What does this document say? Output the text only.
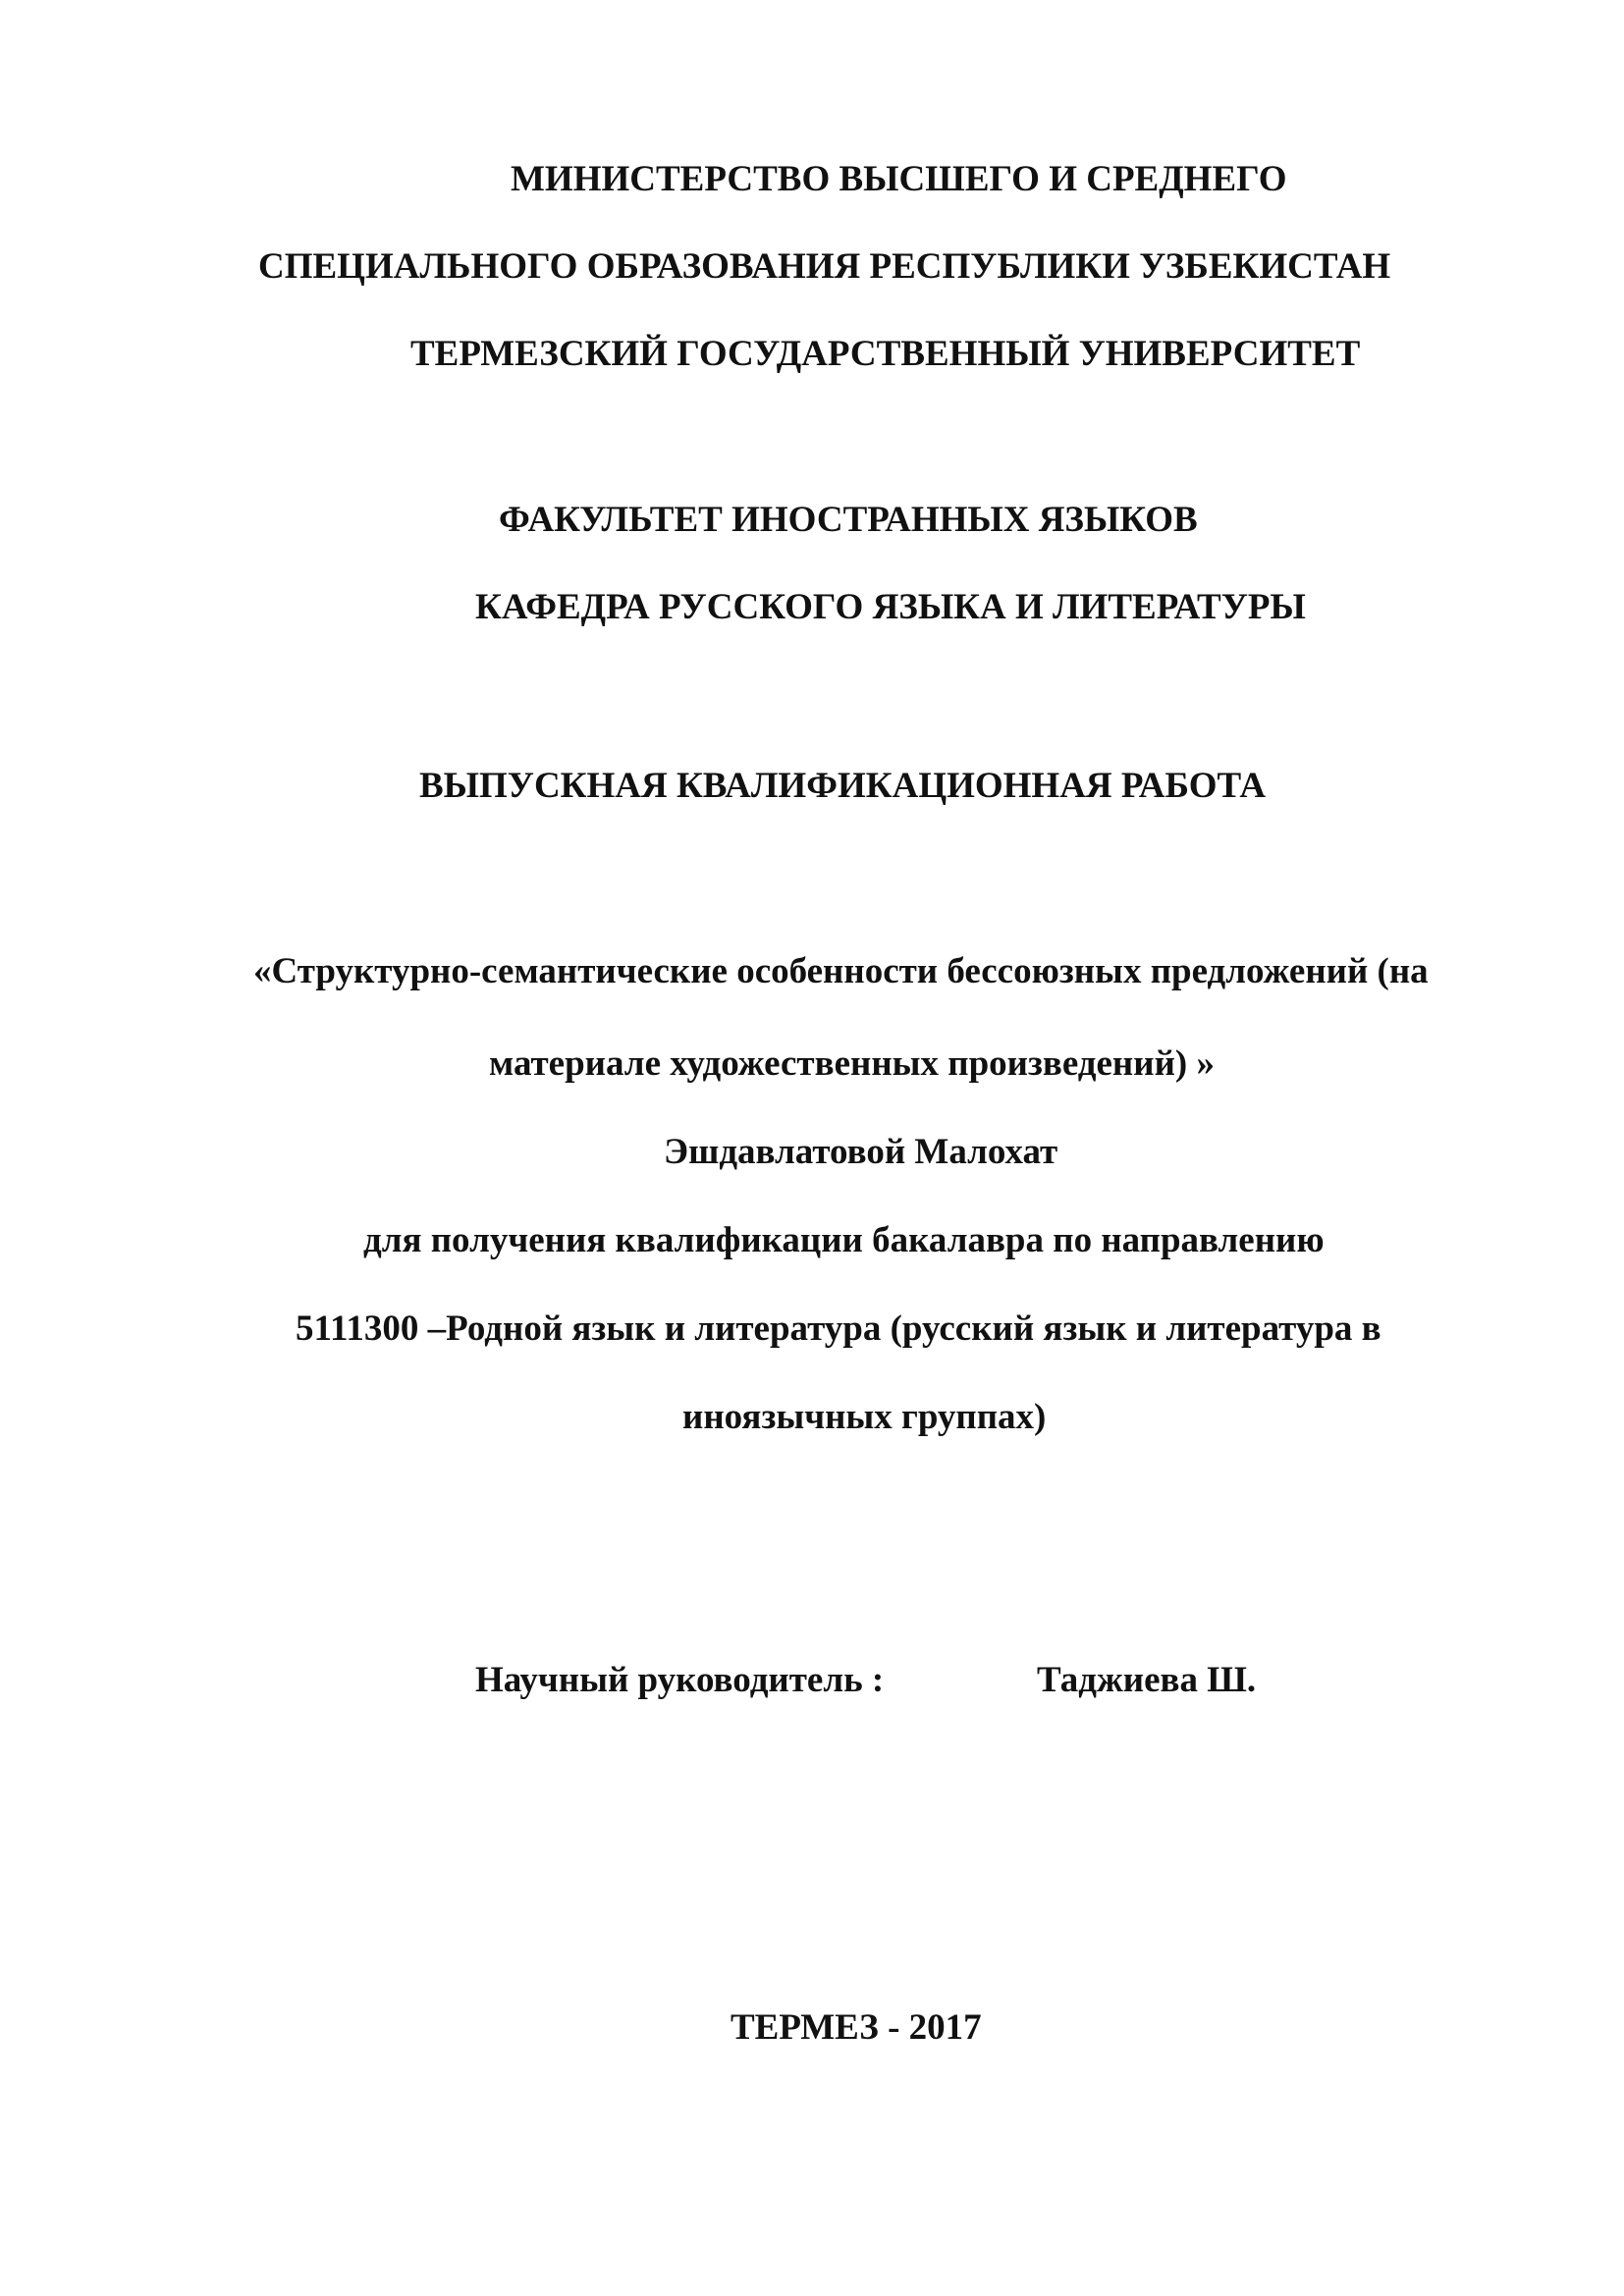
МИНИСТЕРСТВО ВЫСШЕГО И СРЕДНЕГО
СПЕЦИАЛЬНОГО ОБРАЗОВАНИЯ РЕСПУБЛИКИ УЗБЕКИСТАН
ТЕРМЕЗСКИЙ ГОСУДАРСТВЕННЫЙ УНИВЕРСИТЕТ
ФАКУЛЬТЕТ ИНОСТРАННЫХ ЯЗЫКОВ
КАФЕДРА РУССКОГО ЯЗЫКА И ЛИТЕРАТУРЫ
ВЫПУСКНАЯ КВАЛИФИКАЦИОННАЯ РАБОТА
«Структурно-семантические особенности бессоюзных предложений (на
материале художественных произведений) »
Эшдавлатовой Малохат
для получения квалификации бакалавра по направлению
5111300 –Родной язык и литература (русский язык и литература в
иноязычных группах)
Научный руководитель :	Таджиева Ш.
ТЕРМЕЗ - 2017
